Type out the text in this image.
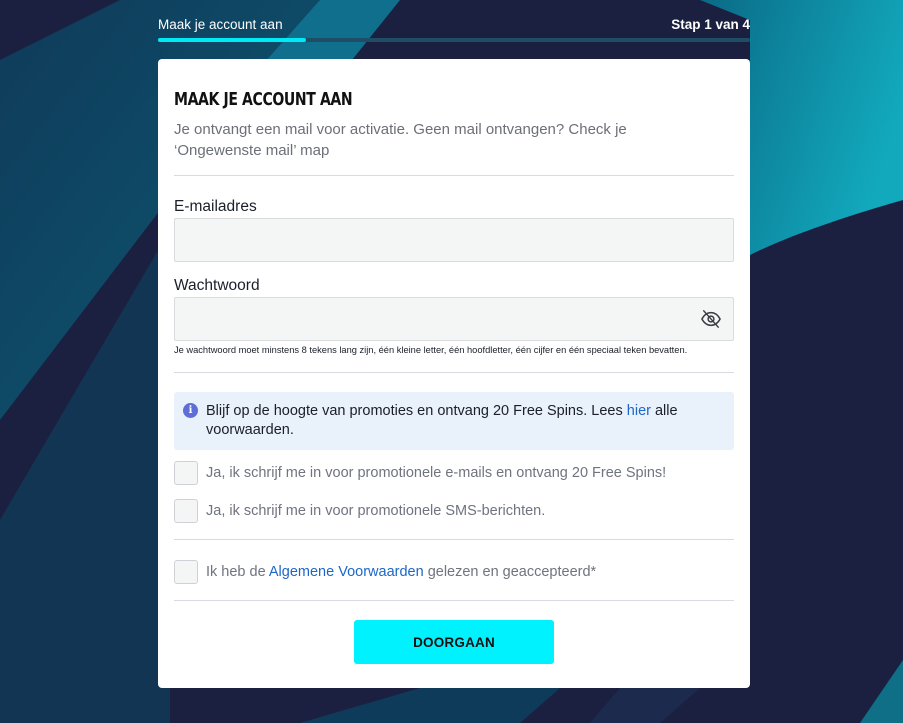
Maak je account aan	Stap 1 van 4
MAAK JE ACCOUNT AAN

Je ontvangt een mail voor activatie. Geen mail ontvangen? Check je ‘Ongewenste mail’ map

E-mailadres
Wachtwoord

Je wachtwoord moet minstens 8 tekens lang zijn, één kleine letter, één hoofdletter, één cijfer en één speciaal teken bevatten.

i Blijf op de hoogte van promoties en ontvang 20 Free Spins. Lees hier alle voorwaarden.
Ja, ik schrijf me in voor promotionele e-mails en ontvang 20 Free Spins!
Ja, ik schrijf me in voor promotionele SMS-berichten.
Ik heb de Algemene Voorwaarden gelezen en geaccepteerd*
DOORGAAN
